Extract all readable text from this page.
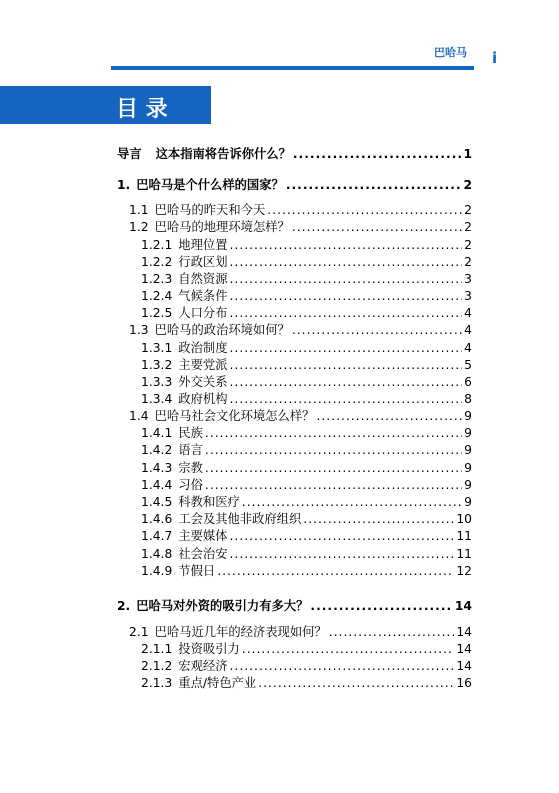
巴哈马 i
目 录
导言 这本指南将告诉你什么？ .....	1
1. 巴哈马是个什么样的国家？ .....	2
1.1 巴哈马的昨天和今天 .....	2
1.2 巴哈马的地理环境怎样？ .....	2
1.2.1 地理位置 .....	2
1.2.2 行政区划 .....	2
1.2.3 自然资源 .....	3
1.2.4 气候条件 .....	3
1.2.5 人口分布 .....	4
1.3 巴哈马的政治环境如何？ .....	4
1.3.1 政治制度 .....	4
1.3.2 主要党派 .....	5
1.3.3 外交关系 .....	6
1.3.4 政府机构 .....	8
1.4 巴哈马社会文化环境怎么样？ .....	9
1.4.1 民族 .....	9
1.4.2 语言 .....	9
1.4.3 宗教 .....	9
1.4.4 习俗 .....	9
1.4.5 科教和医疗 .....	9
1.4.6 工会及其他非政府组织 .....	10
1.4.7 主要媒体 .....	11
1.4.8 社会治安 .....	11
1.4.9 节假日 .....	12
2. 巴哈马对外资的吸引力有多大？ .....	14
2.1 巴哈马近几年的经济表现如何？ .....	14
2.1.1 投资吸引力 .....	14
2.1.2 宏观经济 .....	14
2.1.3 重点/特色产业 .....	16
